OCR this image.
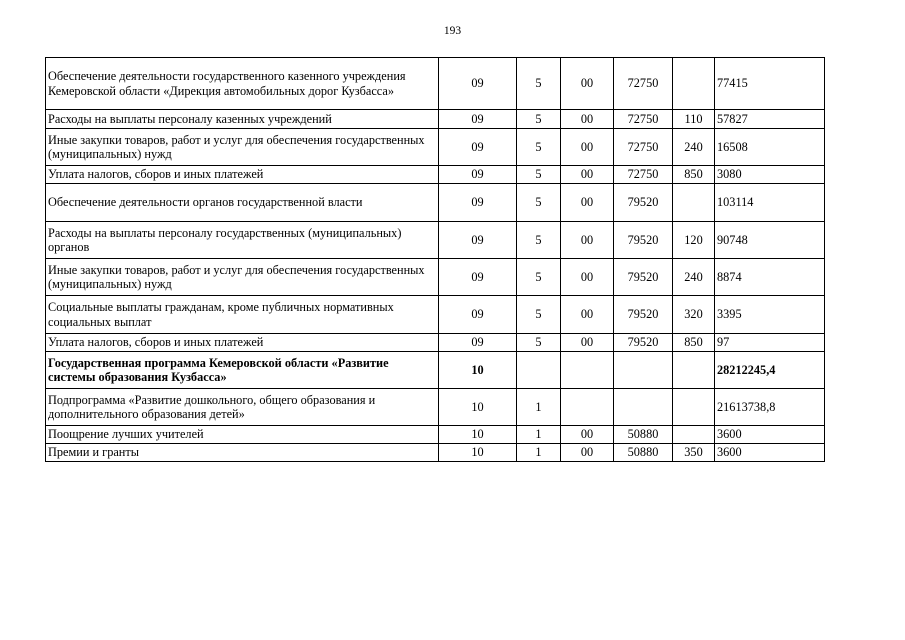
193
Обеспечение деятельности государственного казенного учреждения Кемеровской области «Дирекция автомобильных дорог Кузбасса»	09	5	00	72750		77415
Расходы на выплаты персоналу казенных учреждений	09	5	00	72750	110	57827
Иные закупки товаров, работ и услуг для обеспечения государственных (муниципальных) нужд	09	5	00	72750	240	16508
Уплата налогов, сборов и иных платежей	09	5	00	72750	850	3080
Обеспечение деятельности органов государственной власти	09	5	00	79520		103114
Расходы на выплаты персоналу государственных (муниципальных) органов	09	5	00	79520	120	90748
Иные закупки товаров, работ и услуг для обеспечения государственных (муниципальных) нужд	09	5	00	79520	240	8874
Социальные выплаты гражданам, кроме публичных нормативных социальных выплат	09	5	00	79520	320	3395
Уплата налогов, сборов и иных платежей	09	5	00	79520	850	97
Государственная программа Кемеровской области «Развитие системы образования Кузбасса»	10					28212245,4
Подпрограмма «Развитие дошкольного, общего образования и дополнительного образования детей»	10	1				21613738,8
Поощрение лучших учителей	10	1	00	50880		3600
Премии и гранты	10	1	00	50880	350	3600
